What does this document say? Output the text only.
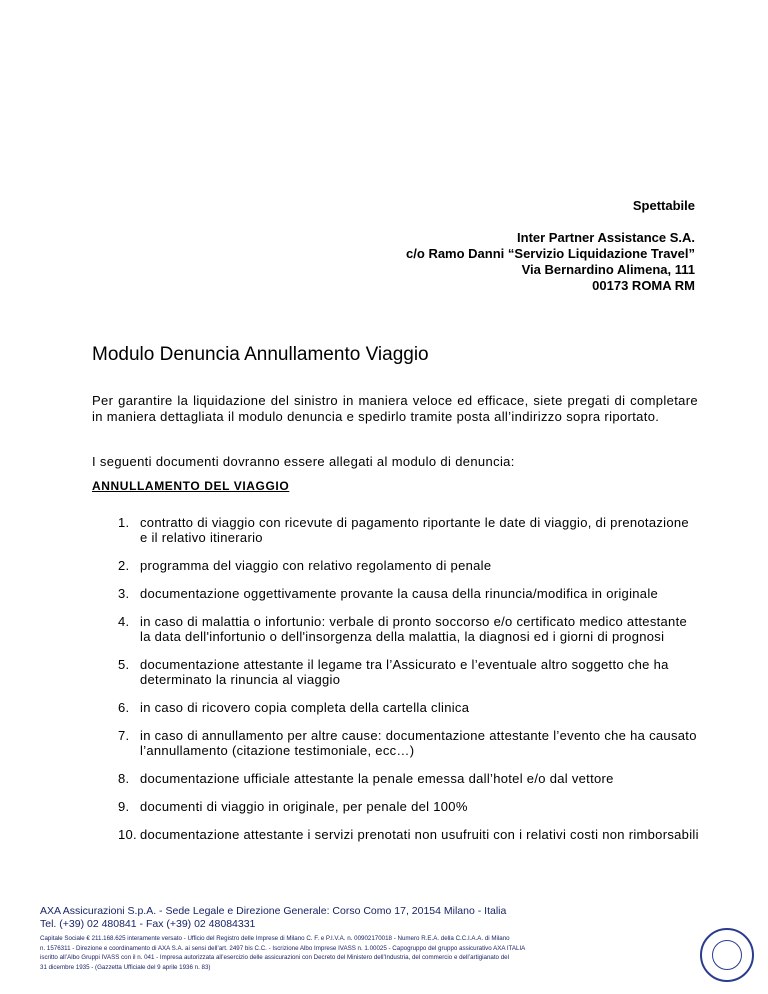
Spettabile
Inter Partner Assistance S.A.
c/o Ramo Danni “Servizio Liquidazione Travel”
Via Bernardino Alimena, 111
00173 ROMA RM
Modulo Denuncia Annullamento Viaggio

Per garantire la liquidazione del sinistro in maniera veloce ed efficace, siete pregati di completare in maniera dettagliata il modulo denuncia e spedirlo tramite posta all’indirizzo sopra riportato.

I seguenti documenti dovranno essere allegati al modulo di denuncia:

ANNULLAMENTO DEL VIAGGIO
1. contratto di viaggio con ricevute di pagamento riportante le date di viaggio, di prenotazione e il relativo itinerario
2. programma del viaggio con relativo regolamento di penale
3. documentazione oggettivamente provante la causa della rinuncia/modifica in originale
4. in caso di malattia o infortunio: verbale di pronto soccorso e/o certificato medico attestante la data dell'infortunio o dell'insorgenza della malattia, la diagnosi ed i giorni di prognosi
5. documentazione attestante il legame tra l’Assicurato e l’eventuale altro soggetto che ha determinato la rinuncia al viaggio
6. in caso di ricovero copia completa della cartella clinica
7. in caso di annullamento per altre cause: documentazione attestante l’evento che ha causato l’annullamento (citazione testimoniale, ecc…)
8. documentazione ufficiale attestante la penale emessa dall’hotel e/o dal vettore
9. documenti di viaggio in originale, per penale del 100%
10. documentazione attestante i servizi prenotati non usufruiti con i relativi costi non rimborsabili
AXA Assicurazioni S.p.A. - Sede Legale e Direzione Generale: Corso Como 17, 20154 Milano - Italia
Tel. (+39) 02 480841 - Fax (+39) 02 48084331
Capitale Sociale € 211.168.625 interamente versato - Ufficio del Registro delle Imprese di Milano C. F. e P.I.V.A. n. 00902170018 - Numero R.E.A. della C.C.I.A.A. di Milano
n. 1576311 - Direzione e coordinamento di AXA S.A. ai sensi dell’art. 2497 bis C.C. - Iscrizione Albo Imprese IVASS n. 1.00025 - Capogruppo del gruppo assicurativo AXA ITALIA
iscritto all’Albo Gruppi IVASS con il n. 041 - Impresa autorizzata all’esercizio delle assicurazioni con Decreto del Ministero dell’Industria, del commercio e dell’artigianato del
31 dicembre 1935 - (Gazzetta Ufficiale del 9 aprile 1936 n. 83)
